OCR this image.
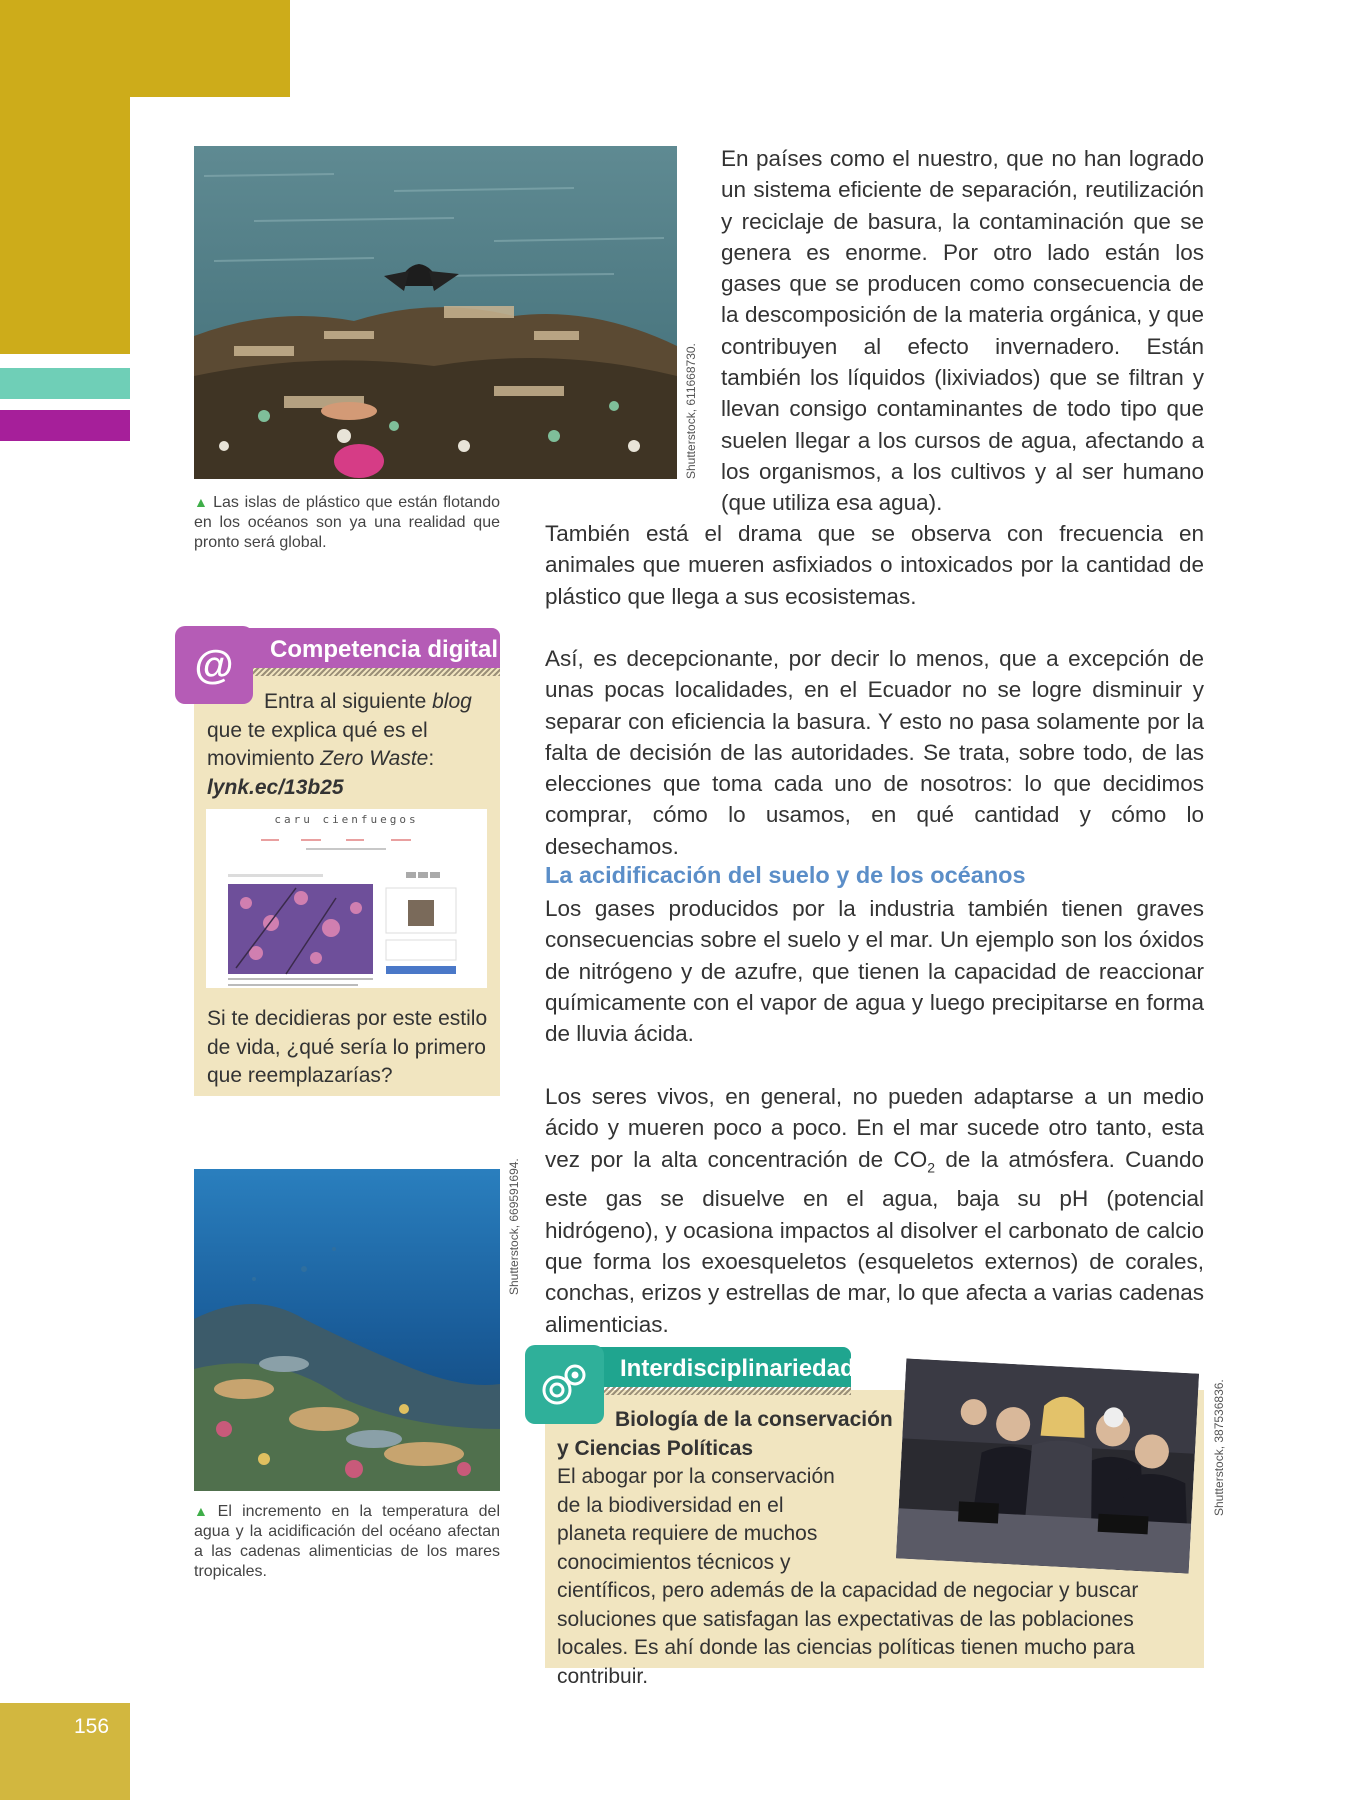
156
Shutterstock, 611668730.
▲ Las islas de plástico que están flotando en los océanos son ya una realidad que pronto será global.

En países como el nuestro, que no han logrado un sistema eficiente de separación, reutilización y reciclaje de basura, la contaminación que se genera es enorme. Por otro lado están los gases que se producen como consecuencia de la descomposición de la materia orgánica, y que contribuyen al efecto invernadero. Están también los líquidos (lixiviados) que se filtran y llevan consigo contaminantes de todo tipo que suelen llegar a los cursos de agua, afectando a los organismos, a los cultivos y al ser humano (que utiliza esa agua).

También está el drama que se observa con frecuencia en animales que mueren asfixiados o intoxicados por la cantidad de plástico que llega a sus ecosistemas.

Así, es decepcionante, por decir lo menos, que a excepción de unas pocas localidades, en el Ecuador no se logre disminuir y separar con eficiencia la basura. Y esto no pasa solamente por la falta de decisión de las autoridades. Se trata, sobre todo, de las elecciones que toma cada uno de nosotros: lo que decidimos comprar, cómo lo usamos, en qué cantidad y cómo lo desechamos.

La acidificación del suelo y de los océanos

Los gases producidos por la industria también tienen graves consecuencias sobre el suelo y el mar. Un ejemplo son los óxidos de nitrógeno y de azufre, que tienen la capacidad de reaccionar químicamente con el vapor de agua y luego precipitarse en forma de lluvia ácida.

Los seres vivos, en general, no pueden adaptarse a un medio ácido y mueren poco a poco. En el mar sucede otro tanto, esta vez por la alta concentración de $CO_2$ de la atmósfera. Cuando este gas se disuelve en el agua, baja su pH (potencial hidrógeno), y ocasiona impactos al disolver el carbonato de calcio que forma los exoesqueletos (esqueletos externos) de corales, conchas, erizos y estrellas de mar, lo que afecta a varias cadenas alimenticias.

Competencia digital
@
Entra al siguiente blog que te explica qué es el movimiento Zero Waste:
lynk.ec/13b25
caru cienfuegos
Si te decidieras por este estilo de vida, ¿qué sería lo primero que reemplazarías?
Shutterstock, 669591694.
▲ El incremento en la temperatura del agua y la acidificación del océano afectan a las cadenas alimenticias de los mares tropicales.
Interdisciplinariedad
Shutterstock, 387536836.
Biología de la conservación y Ciencias Políticas
El abogar por la conservación de la biodiversidad en el planeta requiere de muchos conocimientos técnicos y científicos, pero además de la capacidad de negociar y buscar soluciones que satisfagan las expectativas de las poblaciones locales. Es ahí donde las ciencias políticas tienen mucho para contribuir.
